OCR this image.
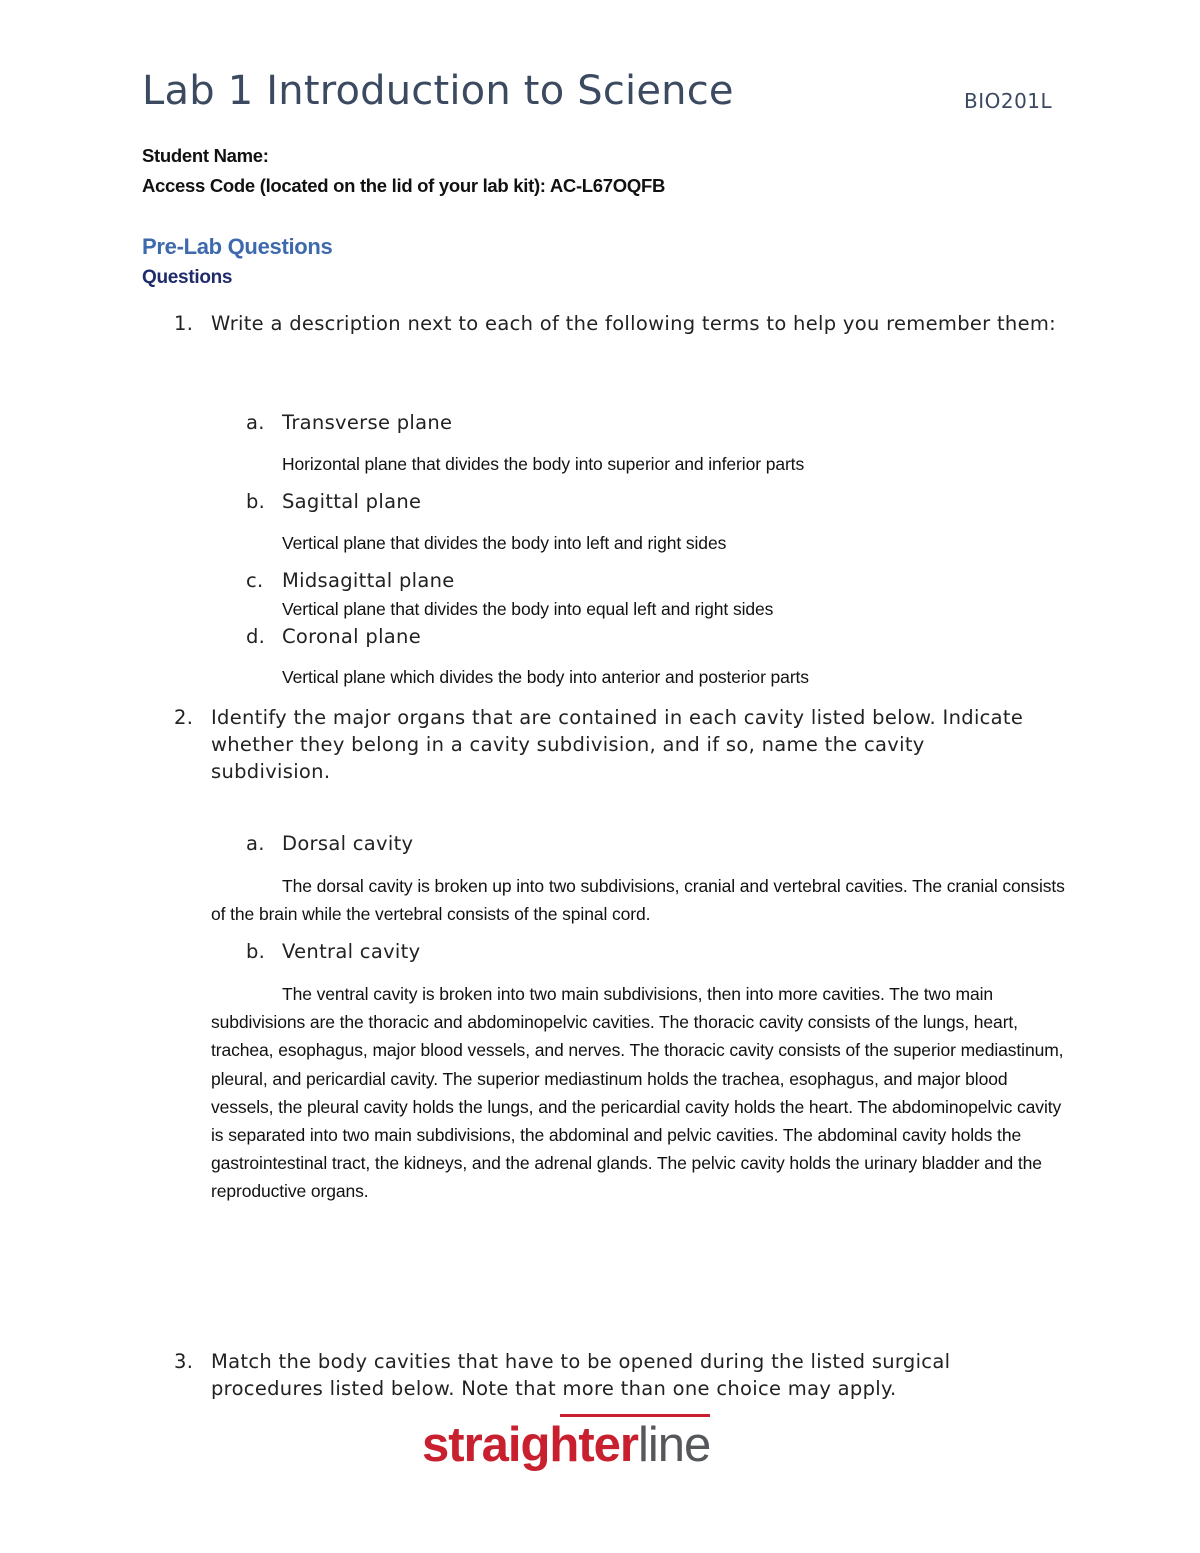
Lab 1 Introduction to Science	BIO201L
Student Name:
Access Code (located on the lid of your lab kit): AC-L67OQFB
Pre-Lab Questions
Questions
1. Write a description next to each of the following terms to help you remember them:
a. Transverse plane
Horizontal plane that divides the body into superior and inferior parts
b. Sagittal plane
Vertical plane that divides the body into left and right sides
c. Midsagittal plane
Vertical plane that divides the body into equal left and right sides
d. Coronal plane
Vertical plane which divides the body into anterior and posterior parts
2. Identify the major organs that are contained in each cavity listed below. Indicate whether they belong in a cavity subdivision, and if so, name the cavity subdivision.
a. Dorsal cavity
The dorsal cavity is broken up into two subdivisions, cranial and vertebral cavities. The cranial consists of the brain while the vertebral consists of the spinal cord.
b. Ventral cavity
The ventral cavity is broken into two main subdivisions, then into more cavities. The two main subdivisions are the thoracic and abdominopelvic cavities. The thoracic cavity consists of the lungs, heart, trachea, esophagus, major blood vessels, and nerves. The thoracic cavity consists of the superior mediastinum, pleural, and pericardial cavity. The superior mediastinum holds the trachea, esophagus, and major blood vessels, the pleural cavity holds the lungs, and the pericardial cavity holds the heart. The abdominopelvic cavity is separated into two main subdivisions, the abdominal and pelvic cavities. The abdominal cavity holds the gastrointestinal tract, the kidneys, and the adrenal glands. The pelvic cavity holds the urinary bladder and the reproductive organs.
3. Match the body cavities that have to be opened during the listed surgical procedures listed below. Note that more than one choice may apply.
straighterline
